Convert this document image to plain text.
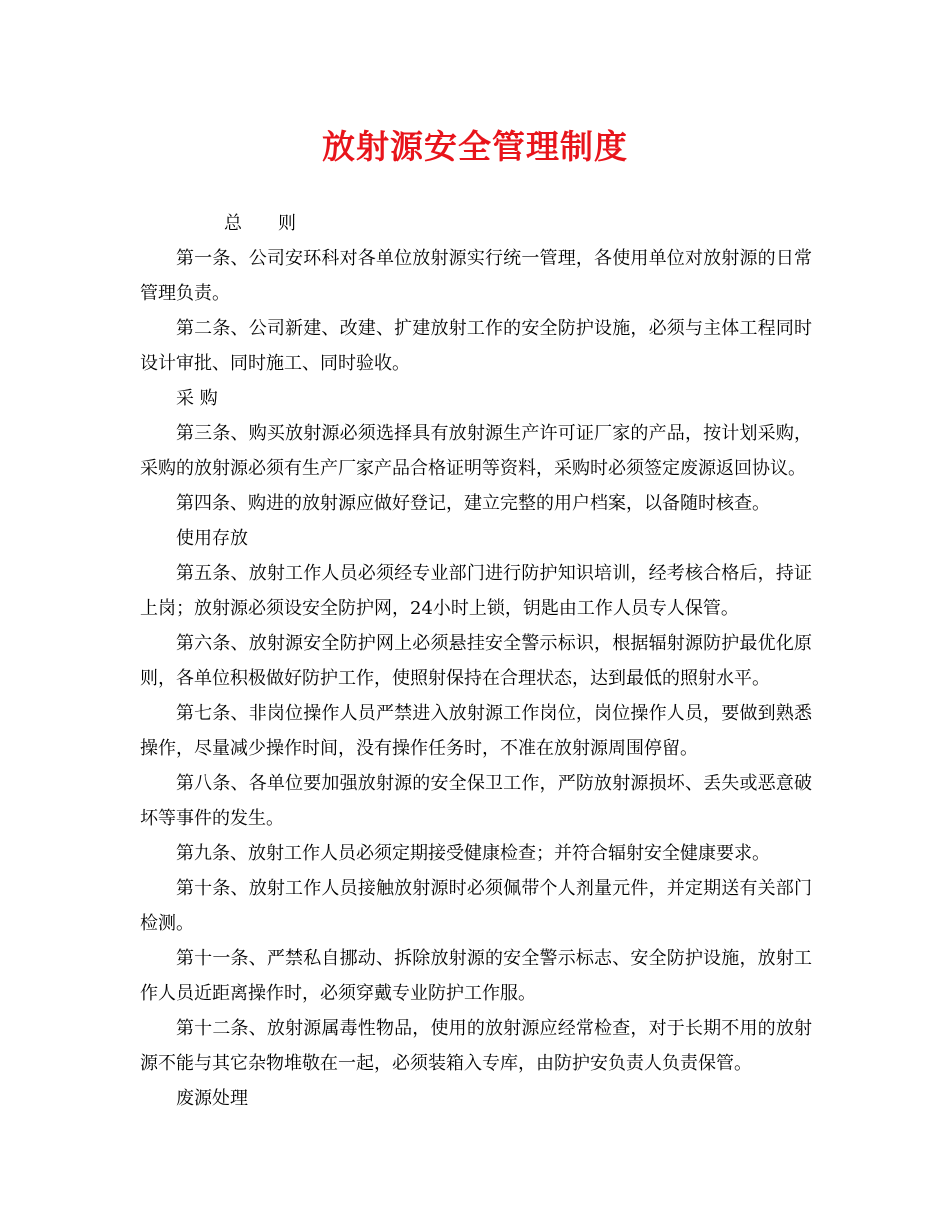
放射源安全管理制度

总 则

第一条、公司安环科对各单位放射源实行统一管理，各使用单位对放射源的日常管理负责。

第二条、公司新建、改建、扩建放射工作的安全防护设施，必须与主体工程同时设计审批、同时施工、同时验收。

采 购

第三条、购买放射源必须选择具有放射源生产许可证厂家的产品，按计划采购，采购的放射源必须有生产厂家产品合格证明等资料，采购时必须签定废源返回协议。

第四条、购进的放射源应做好登记，建立完整的用户档案，以备随时核查。

使用存放

第五条、放射工作人员必须经专业部门进行防护知识培训，经考核合格后，持证上岗；放射源必须设安全防护网，24小时上锁，钥匙由工作人员专人保管。

第六条、放射源安全防护网上必须悬挂安全警示标识，根据辐射源防护最优化原则，各单位积极做好防护工作，使照射保持在合理状态，达到最低的照射水平。

第七条、非岗位操作人员严禁进入放射源工作岗位，岗位操作人员，要做到熟悉操作，尽量减少操作时间，没有操作任务时，不准在放射源周围停留。

第八条、各单位要加强放射源的安全保卫工作，严防放射源损坏、丢失或恶意破坏等事件的发生。

第九条、放射工作人员必须定期接受健康检查；并符合辐射安全健康要求。

第十条、放射工作人员接触放射源时必须佩带个人剂量元件，并定期送有关部门检测。

第十一条、严禁私自挪动、拆除放射源的安全警示标志、安全防护设施，放射工作人员近距离操作时，必须穿戴专业防护工作服。

第十二条、放射源属毒性物品，使用的放射源应经常检查，对于长期不用的放射源不能与其它杂物堆敬在一起，必须装箱入专库，由防护安负责人负责保管。

废源处理
